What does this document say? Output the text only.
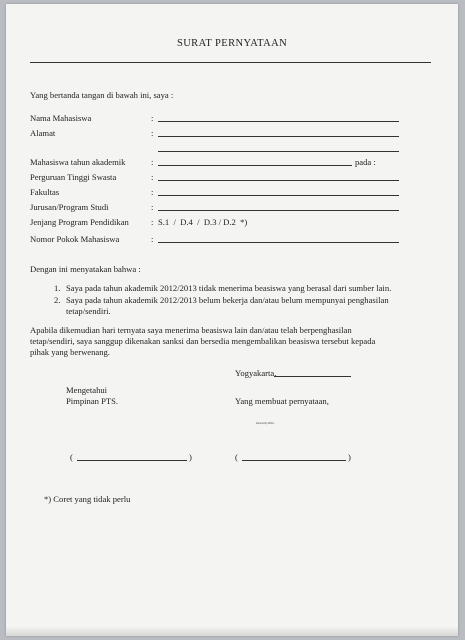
SURAT PERNYATAAN
Yang bertanda tangan di bawah ini, saya :
Nama Mahasiswa	:
Alamat	:
Mahasiswa tahun akademik	:	pada :
Perguruan Tinggi Swasta	:
Fakultas	:
Jurusan/Program Studi	:
Jenjang Program Pendidikan	: S.1  /  D.4  /  D.3 / D.2  *)
Nomor Pokok Mahasiswa	:
Dengan ini menyatakan bahwa :
1. Saya pada tahun akademik 2012/2013 tidak menerima beasiswa yang berasal dari sumber lain.
2. Saya pada tahun akademik 2012/2013 belum bekerja dan/atau belum mempunyai penghasilan
tetap/sendiri.
Apabila dikemudian hari ternyata saya menerima beasiswa lain dan/atau telah berpenghasilan
tetap/sendiri, saya sanggup dikenakan sanksi dan bersedia mengembalikan beasiswa tersebut kepada
pihak yang berwenang.
Yogyakarta,
Mengetahui
Pimpinan PTS.	Yang membuat pernyataan,
materai Rp 6000,-
(	)	(	)
*) Coret yang tidak perlu
